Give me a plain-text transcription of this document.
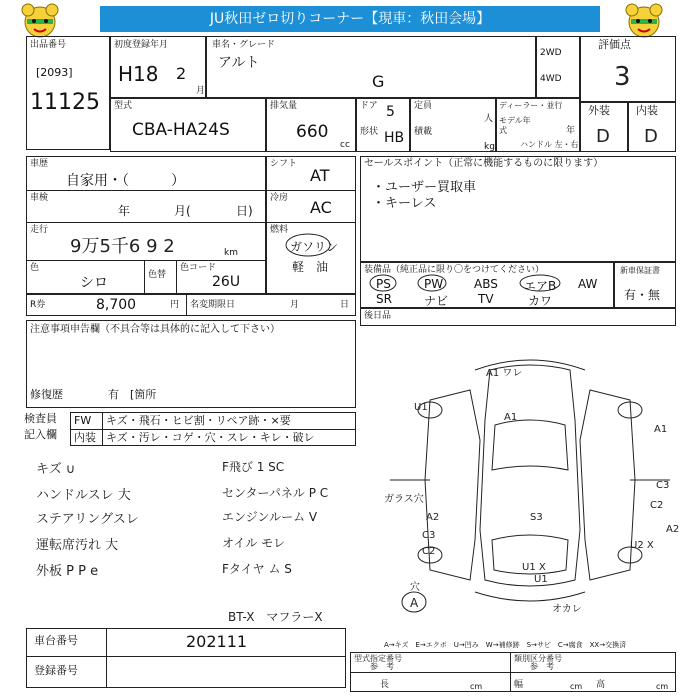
JU秋田ゼロ切りコーナー【現車：秋田会場】
出品番号
[2093]
11125
初度登録年月
H18 2
月
車名・グレード
アルト
G
2WD
4WD
評価点
3
外装 内装
D D
型式
CBA-HA24S
排気量
660
cc
ドア 5
形状 HB
定員
人
積載
kg
ディーラー・並行
モデル年式	年
ハンドル 左・右
車歴
自家用・（　　　）
車検
年	月(	日)
走行
9万5千6 9 2	km
色
シロ	色替
色コード
26U
シフト
AT
冷房 AC
燃料
ガソリン
軽　油
R券	8,700	円 名変期限日	月	日
セールスポイント（正常に機能するものに限ります）
・ユーザー買取車
・キーレス
装備品（純正品に限り〇をつけてください）
PS	PW	ABS エアB AW
SR	ナビ TV	カワ
新車保証書
有・無
後日品
注意事項申告欄（不具合等は具体的に記入して下さい）
修復歴	有 [箇所
検査員
記入欄
FW キズ・飛石・ヒビ割・リペア跡・×要
内装 キズ・汚レ・コゲ・穴・スレ・キレ・破レ
キズ ∪
ハンドルスレ 大
ステアリングスレ
運転席汚れ 大
外板 P P e
F飛び 1 SC
センターパネル P C
エンジンルーム V
オイル モレ
Fタイヤ ム S
BT-X　マフラーX
A1 ワレ
U1
A1
C3
S3
C2
A2
U2 X
A2
ガラス穴
U1
穴
A	オカレ
C3
C2
U1 X
A1
A→キズ　E→エクボ　U→凹み　W→補修跡　S→サビ　C→腐食　XX→交換済
車台番号	202111
登録番号
型式指定番号
参　考
類別区分番号
参　考
長	cm	幅	cm 高	cm
